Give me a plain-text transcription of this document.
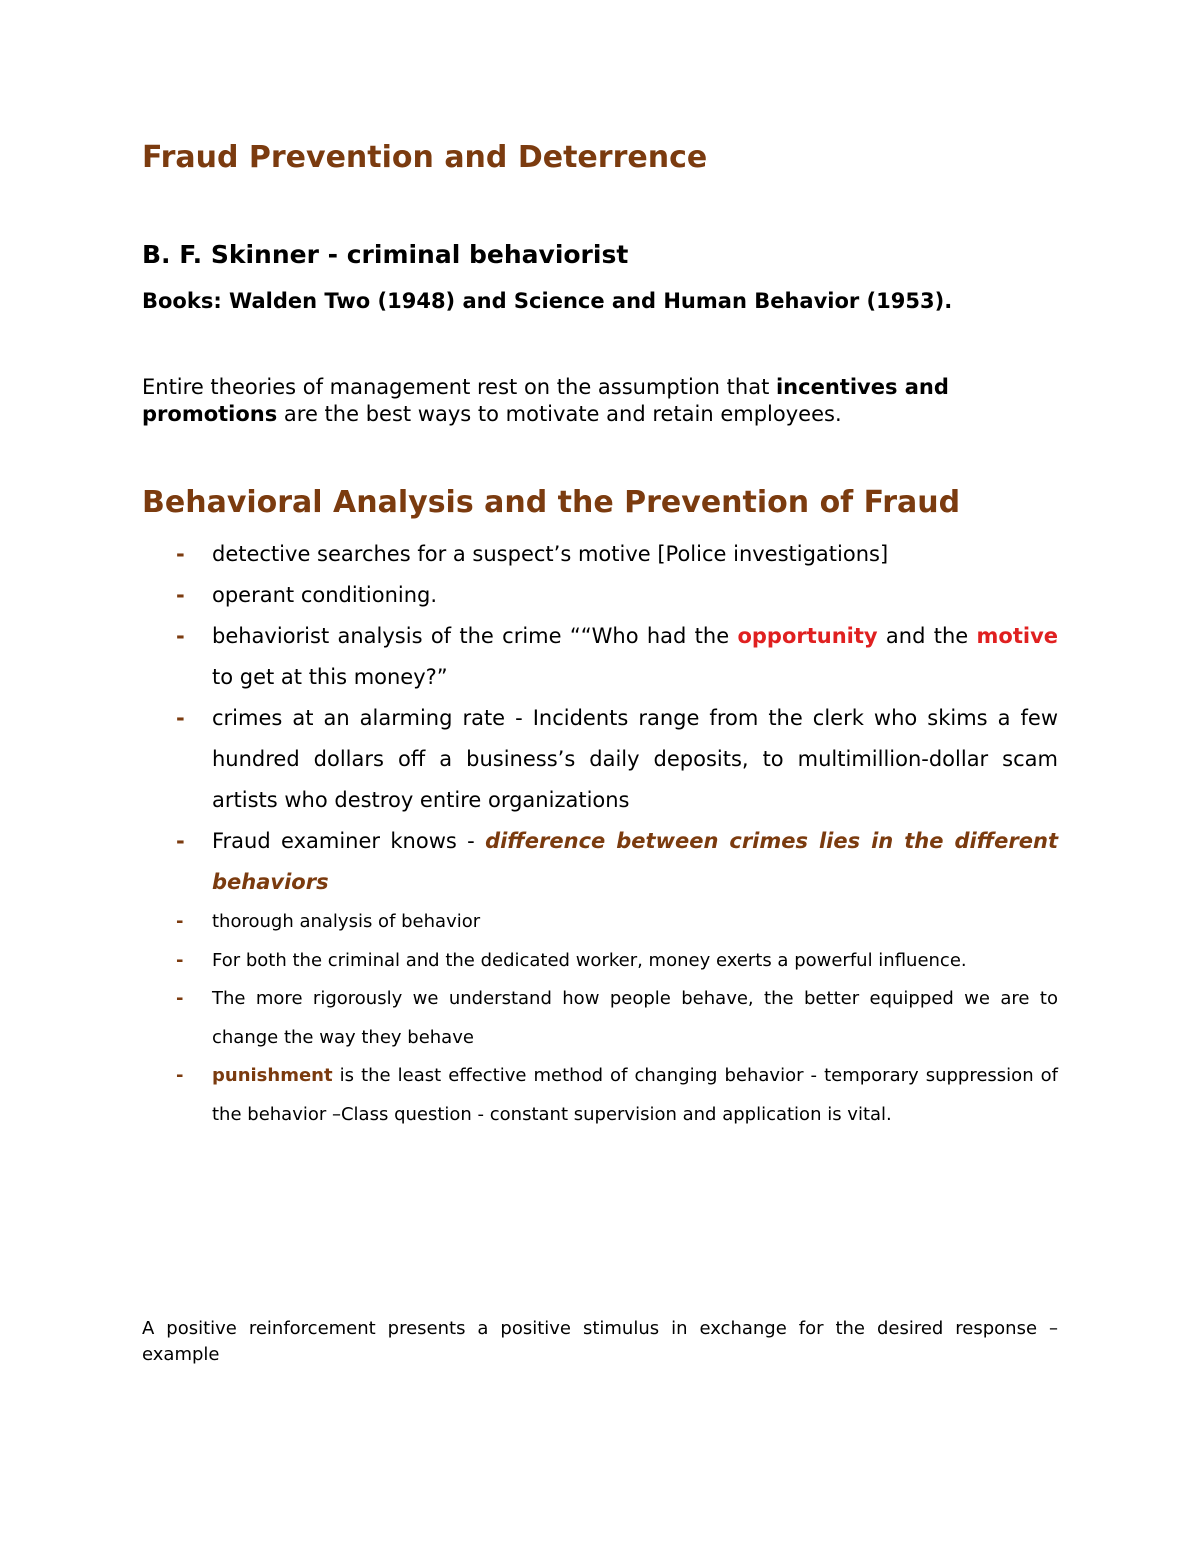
Fraud Prevention and Deterrence

B. F. Skinner - criminal behaviorist

Books: Walden Two (1948) and Science and Human Behavior (1953).

Entire theories of management rest on the assumption that incentives and promotions are the best ways to motivate and retain employees.

Behavioral Analysis and the Prevention of Fraud
- detective searches for a suspect’s motive [Police investigations]
- operant conditioning.
- behaviorist analysis of the crime ““Who had the opportunity and the motive to get at this money?”
- crimes at an alarming rate - Incidents range from the clerk who skims a few hundred dollars off a business’s daily deposits, to multimillion-dollar scam artists who destroy entire organizations
- Fraud examiner knows - difference between crimes lies in the different behaviors
- thorough analysis of behavior
- For both the criminal and the dedicated worker, money exerts a powerful influence.
- The more rigorously we understand how people behave, the better equipped we are to change the way they behave
- punishment is the least effective method of changing behavior - temporary suppression of the behavior –Class question - constant supervision and application is vital.

A positive reinforcement presents a positive stimulus in exchange for the desired response – example
